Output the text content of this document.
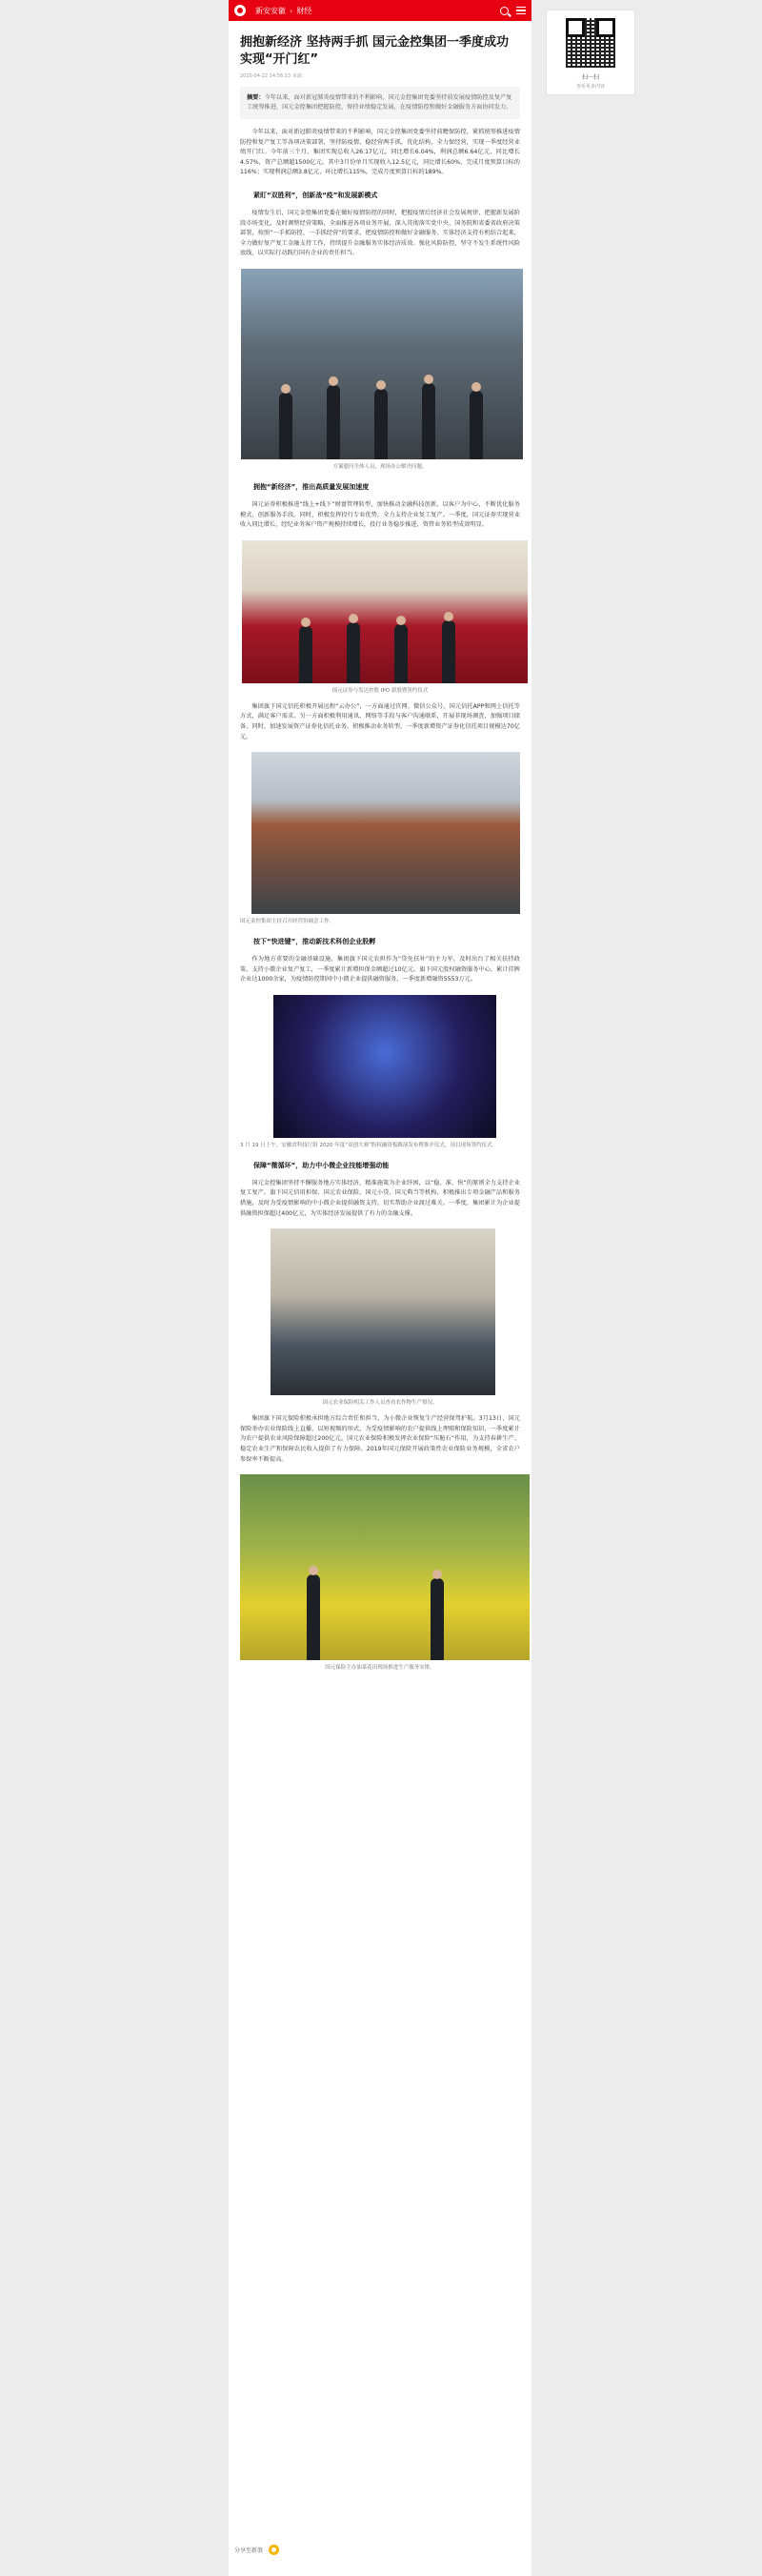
新安安徽 › 财经
拥抱新经济 坚持两手抓 国元金控集团一季度成功实现“开门红”
2020-04-22 14:56:13 来源:
摘要：今年以来，面对新冠肺炎疫情带来的不利影响，国元金控集团党委坚持前发展疫情防控及复产复工统筹推进，国元金控集团把握防控，保持业绩稳定发展，在疫情防控和做好金融服务方面协同发力。

今年以来，面对新冠肺炎疫情带来的不利影响，国元金控集团党委坚持前瞻保防控，紧抓统筹推进疫情防控和复产复工等各项决策部署，坚持防疫情、稳经营两手抓，优化结构，全力保经营，实现一季度经营业绩开门红。今年前三个月，集团实现总收入26.17亿元，同比增长6.04%，利润总额6.64亿元，同比增长4.57%，资产总额超1500亿元。其中3月份单月实现收入12.5亿元，同比增长60%，完成月度预算目标的116%；实现利润总额3.8亿元，环比增长115%，完成月度预算目标的189%。

紧盯“双胜利”，创新战“疫”和发展新模式

疫情发生后，国元金控集团党委在做好疫情防控的同时，把握疫情后经济社会发展规律，把握新发展阶段市场变化，及时调整经营策略，全面推进各项业务开展，深入贯彻落实党中央、国务院和省委省政府决策部署，按照“一手抓防控、一手抓经营”的要求，把疫情防控和做好金融服务、实体经济支持有机结合起来，全力做好复产复工金融支持工作，持续提升金融服务实体经济质效。强化风险防控，坚守不发生系统性风险底线，以实际行动践行国有企业的责任担当。

方案慰问全体人员，现场办公解决问题。
拥抱“新经济”，推出高质量发展加速度

国元证券积极推进“线上+线下”财富管理转型，加快推动金融科技创新，以客户为中心，不断优化服务模式，创新服务手段。同时，积极发挥投行专业优势，全力支持企业复工复产。一季度，国元证券实现营业收入同比增长，经纪业务客户资产规模持续增长，投行业务稳步推进，资管业务转型成效明显。

国元证券与发达控股 IPO 新股暨签约仪式

集团旗下国元信托积极开展远程“云办公”，一方面通过官网、微信公众号、国元信托APP和网上信托等方式，满足客户需求。另一方面积极利用通讯、网络等手段与客户沟通联系，开展非现场调查，加强项目储备。同时，加速发展资产证券化信托业务，积极推动业务转型，一季度新增资产证券化信托项目规模达70亿元。

国元金控集团主持召开经营协调会工作。
按下“快进键”，推动新技术科创企业股孵

作为地方重要的金融基础设施，集团旗下国元农担作为“贷免扶补”的主力军，及时出台了相关扶持政策，支持小微企业复产复工，一季度累计新增担保金额超过10亿元。旗下国元股权融资服务中心，累计挂牌企业达1000余家，为疫情防控期间中小微企业提供融资服务，一季度新增融资5553万元。

3 月 19 日上午，安徽省科技厅组 2020 年度“双创大赛”股权融资板路演发布暨推介仪式，项目现场签约仪式。
保障“微循环”，助力中小微企业技能增强动能

国元金控集团坚持不懈服务地方实体经济，精准施策为企业纾困，以“稳、准、快”的原则全力支持企业复工复产。旗下国元信用担保、国元农业保险、国元小贷、国元典当等机构，积极推出专项金融产品和服务措施，及时为受疫情影响的中小微企业提供融资支持，切实帮助企业渡过难关。一季度，集团累计为企业提供融资担保超过400亿元，为实体经济发展提供了有力的金融支撑。

国元农业保险相关工作人员查看农作物生产情况。

集团旗下国元保险积极承担地方综合责任和担当，为小微企业恢复生产经营保驾护航。3月13日，国元保险举办农业保险线上直播，以短视频的形式，为受疫情影响的农户提供线上理赔和保险知识，一季度累计为农户提供农业风险保障超过200亿元。国元农业保险积极发挥农业保险“压舱石”作用，为支持春耕生产、稳定农业生产和保障农民收入提供了有力保障。2019年国元保险开展政策性农业保险业务规模，全省农户参保率不断提高。

国元保险主办油菜花田现场推进生产服务安排。
分享至新浪
扫一扫
查看更多内容
